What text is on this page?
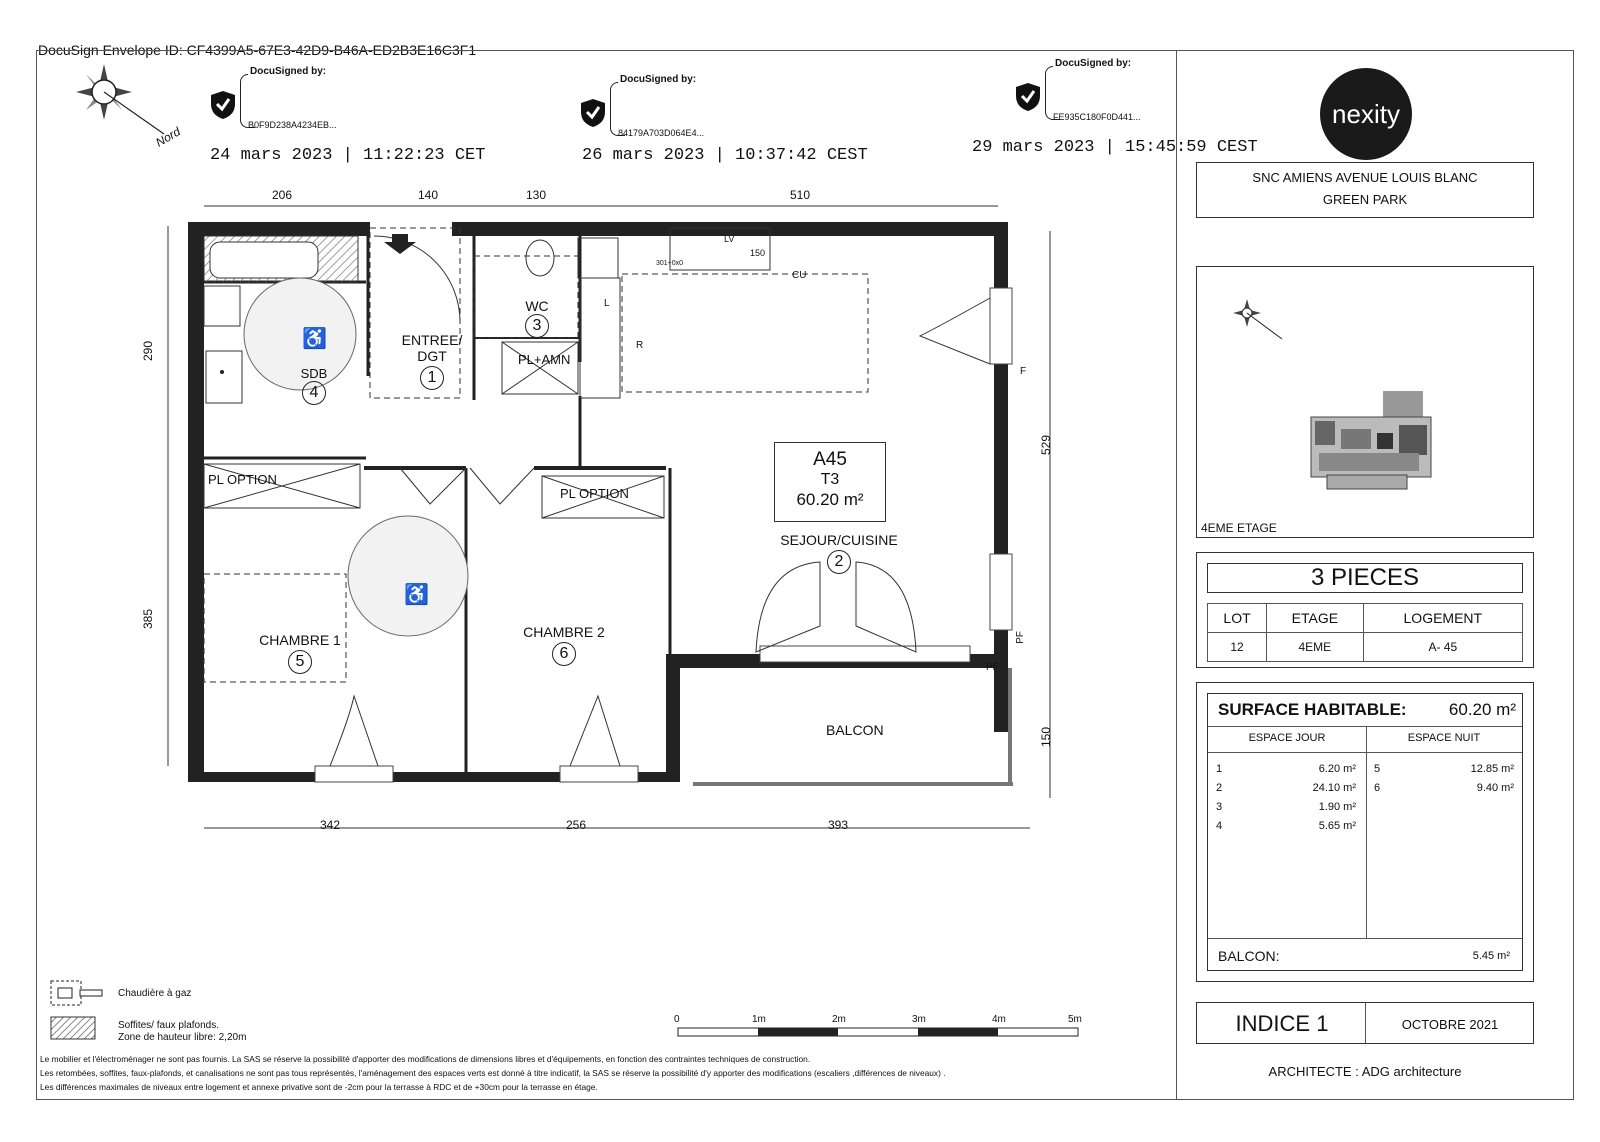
DocuSign Envelope ID: CF4399A5-67E3-42D9-B46A-ED2B3E16C3F1
Nord
DocuSigned by:
B0F9D238A4234EB...
24 mars 2023 | 11:22:23 CET
DocuSigned by:
84179A703D064E4...
26 mars 2023 | 10:37:42 CEST
DocuSigned by:
FE935C180F0D441...
29 mars 2023 | 15:45:59 CEST
nexity
SNC AMIENS AVENUE LOUIS BLANC
GREEN PARK
4EME ETAGE
3 PIECES
LOT	ETAGE	LOGEMENT
12	4EME	A- 45
SURFACE HABITABLE: 60.20 m²
ESPACE JOUR	ESPACE NUIT
1	6.20 m²
2	24.10 m²
3	1.90 m²
4	5.65 m²
5	12.85 m²
6	9.40 m²
BALCON:	5.45 m²
INDICE 1	OCTOBRE 2021
ARCHITECTE : ADG architecture
206	140	130	510
342	256	393
290
385
529
150
A45
T3
60.20 m²
ENTREE/
DGT
1
SEJOUR/CUISINE
2
WC
3
SDB
4
CHAMBRE 1
5
CHAMBRE 2
6
♿
♿
BALCON
PL+AMN
PL OPTION
PL OPTION
CU
LV
150
301+0x0
R
L
PF
PF
F
Chaudière à gaz
Soffites/ faux plafonds.
Zone de hauteur libre: 2,20m
0	1m	2m	3m	4m	5m
Le mobilier et l'électroménager ne sont pas fournis. La SAS se réserve la possibilité d'apporter des modifications de dimensions libres et d'équipements, en fonction des contraintes techniques de construction.
Les retombées, soffites, faux-plafonds, et canalisations ne sont pas tous représentés, l'aménagement des espaces verts est donné à titre indicatif, la SAS se réserve la possibilité d'y apporter des modifications (escaliers ,différences de niveaux) .
Les différences maximales de niveaux entre logement et annexe privative sont de -2cm pour la terrasse à RDC et de +30cm pour la terrasse en étage.
